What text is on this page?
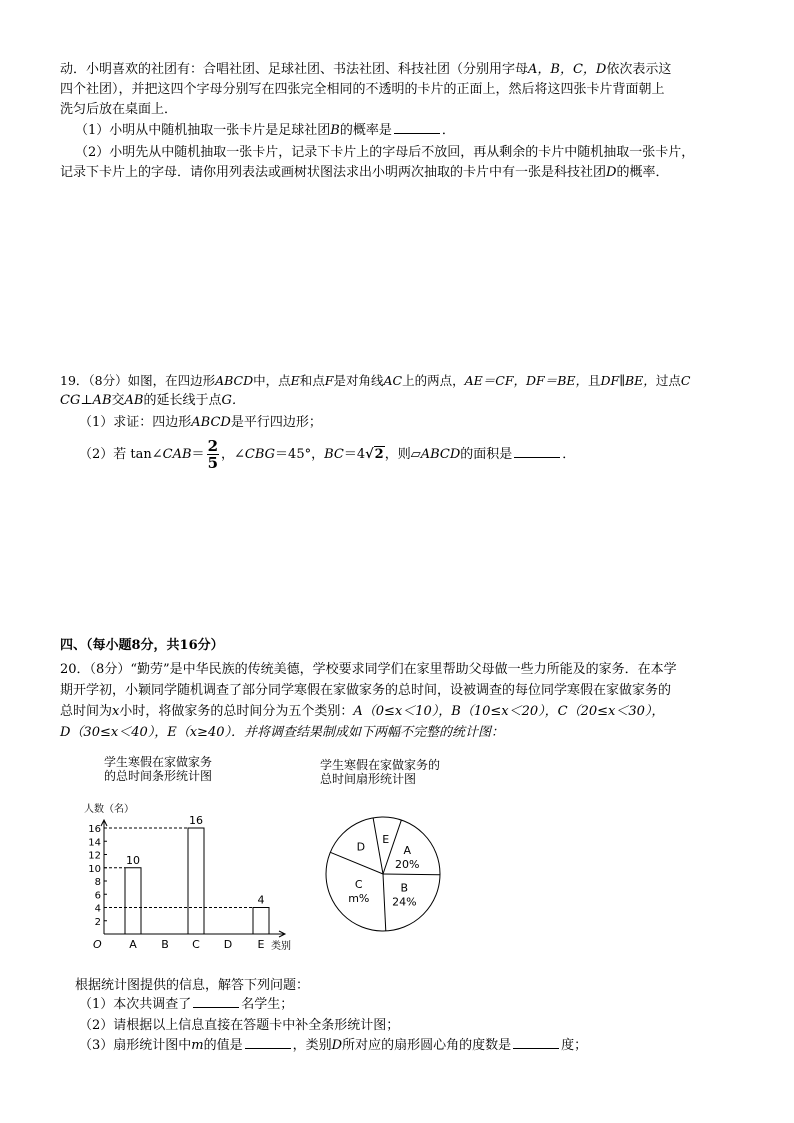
动．小明喜欢的社团有：合唱社团、足球社团、书法社团、科技社团（分别用字母A，B，C，D依次表示这
四个社团），并把这四个字母分别写在四张完全相同的不透明的卡片的正面上，然后将这四张卡片背面朝上
洗匀后放在桌面上．
（1）小明从中随机抽取一张卡片是足球社团B的概率是	．
（2）小明先从中随机抽取一张卡片，记录下卡片上的字母后不放回，再从剩余的卡片中随机抽取一张卡片，
记录下卡片上的字母．请你用列表法或画树状图法求出小明两次抽取的卡片中有一张是科技社团D的概率．
19．（8分）如图，在四边形ABCD中，点E和点F是对角线AC上的两点，AE＝CF，DF＝BE，且DF∥BE，过点C
CG⊥AB交AB的延长线于点G．
（1）求证：四边形ABCD是平行四边形；
（2）若 tan∠CAB＝ $\frac{2}{5}$ ，∠CBG＝45°，BC＝4√2，则▱ABCD的面积是	．
四、（每小题8分，共16分）
20．（8分）“勤劳”是中华民族的传统美德，学校要求同学们在家里帮助父母做一些力所能及的家务．在本学
期开学初，小颖同学随机调查了部分同学寒假在家做家务的总时间，设被调查的每位同学寒假在家做家务的
总时间为x小时，将做家务的总时间分为五个类别：A（0≤x＜10），B（10≤x＜20），C（20≤x＜30），
D（30≤x＜40），E（x≥40）．并将调查结果制成如下两幅不完整的统计图：
学生寒假在家做家务
的总时间条形统计图
人数（名）
O	类别
2
4
6
8
10
12
14
16
A
10
B C
16
D E
4
学生寒假在家做家务的
总时间扇形统计图
E
A
20%
B
24%
C
m%
D
根据统计图提供的信息，解答下列问题：
（1）本次共调查了	名学生；
（2）请根据以上信息直接在答题卡中补全条形统计图；
（3）扇形统计图中m的值是	，类别D所对应的扇形圆心角的度数是	度；
